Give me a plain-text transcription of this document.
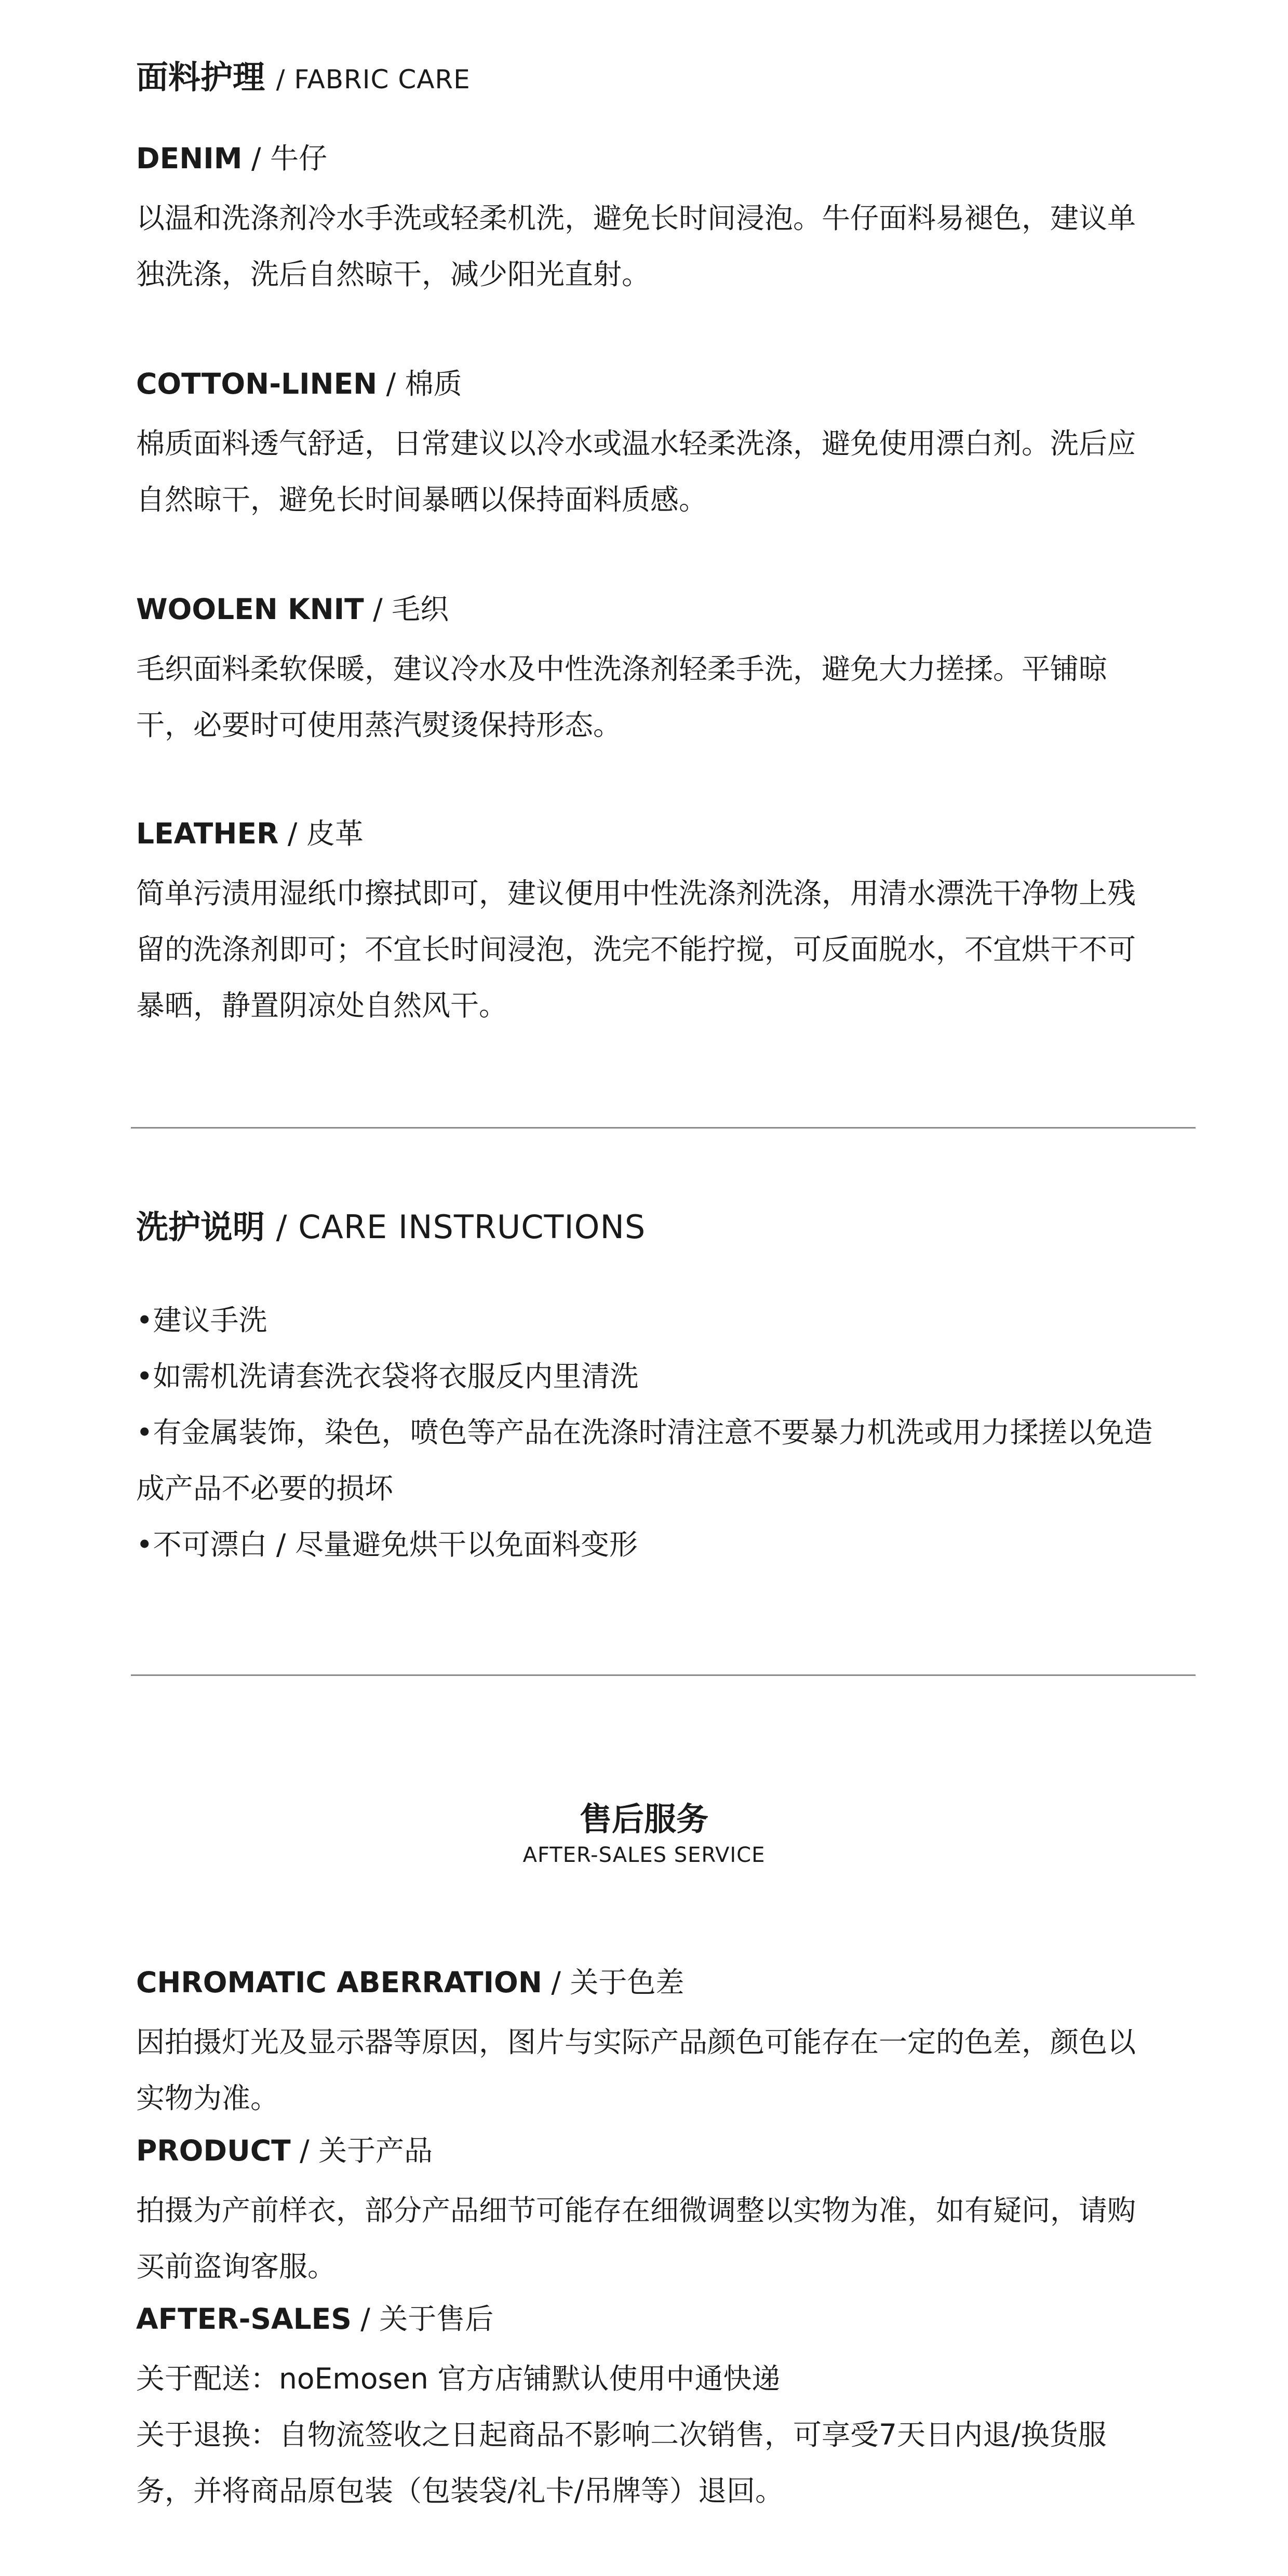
面料护理 / FABRIC CARE
DENIM / 牛仔

以温和洗涤剂冷水手洗或轻柔机洗，避免长时间浸泡。牛仔面料易褪色，建议单

独洗涤，洗后自然晾干，减少阳光直射。

COTTON-LINEN / 棉质

棉质面料透气舒适，日常建议以冷水或温水轻柔洗涤，避免使用漂白剂。洗后应

自然晾干，避免长时间暴晒以保持面料质感。

WOOLEN KNIT / 毛织

毛织面料柔软保暖，建议冷水及中性洗涤剂轻柔手洗，避免大力搓揉。平铺晾

干，必要时可使用蒸汽熨烫保持形态。

LEATHER / 皮革

简单污渍用湿纸巾擦拭即可，建议便用中性洗涤剂洗涤，用清水漂洗干净物上残

留的洗涤剂即可；不宜长时间浸泡，洗完不能拧搅，可反面脱水，不宜烘干不可

暴晒，静置阴凉处自然风干。

洗护说明 / CARE INSTRUCTIONS

•建议手洗

•如需机洗请套洗衣袋将衣服反内里清洗

•有金属装饰，染色，喷色等产品在洗涤时清注意不要暴力机洗或用力揉搓以免造

成产品不必要的损坏

•不可漂白 / 尽量避免烘干以免面料变形

售后服务
AFTER-SALES SERVICE
CHROMATIC ABERRATION / 关于色差

因拍摄灯光及显示器等原因，图片与实际产品颜色可能存在一定的色差，颜色以

实物为准。

PRODUCT / 关于产品

拍摄为产前样衣，部分产品细节可能存在细微调整以实物为准，如有疑问，请购

买前盗询客服。

AFTER-SALES / 关于售后

关于配送：noEmosen 官方店铺默认使用中通快递

关于退换：自物流签收之日起商品不影响二次销售，可享受7天日内退/换货服

务，并将商品原包装（包装袋/礼卡/吊牌等）退回。
